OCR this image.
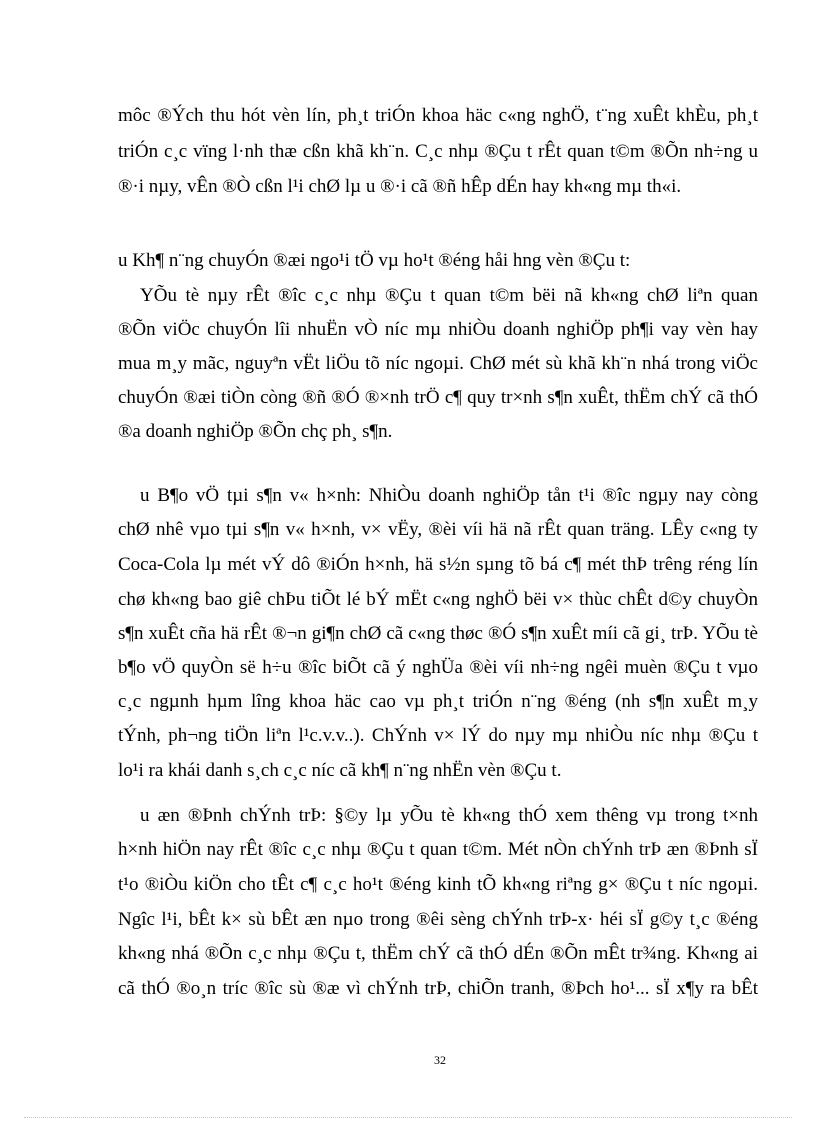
môc ®Ých thu hót vèn lín, ph¸t triÓn khoa häc c«ng nghÖ, t¨ng xuÊt khÈu, ph¸t
triÓn c¸c vïng l·nh thæ cßn khã kh¨n. C¸c nhµ ®Çu t rÊt quan t©m ®Õn nh÷ng u
®·i nµy, vÊn ®Ò cßn l¹i chØ lµ u ®·i cã ®ñ hÊp dÉn hay kh«ng mµ th«i.
u Kh¶ n¨ng chuyÓn ®æi ngo¹i tÖ vµ ho¹t ®éng håi hng vèn ®Çu t:
YÕu tè nµy rÊt ®îc c¸c nhµ ®Çu t quan t©m bëi nã kh«ng chØ liªn quan
®Õn viÖc chuyÓn lîi nhuËn vÒ níc mµ nhiÒu doanh nghiÖp ph¶i vay vèn hay
mua m¸y mãc, nguyªn vËt liÖu tõ níc ngoµi. ChØ mét sù khã kh¨n nhá trong viÖc
chuyÓn ®æi tiÒn còng ®ñ ®Ó ®×nh trÖ c¶ quy tr×nh s¶n xuÊt, thËm chÝ cã thÓ
®a doanh nghiÖp ®Õn chç ph¸ s¶n.
u B¶o vÖ tµi s¶n v« h×nh: NhiÒu doanh nghiÖp tån t¹i ®îc ngµy nay còng
chØ nhê vµo tµi s¶n v« h×nh, v× vËy, ®èi víi hä nã rÊt quan träng. LÊy c«ng ty
Coca-Cola lµ mét vÝ dô ®iÓn h×nh, hä s½n sµng tõ bá c¶ mét thÞ trêng réng lín
chø kh«ng bao giê chÞu tiÕt lé bÝ mËt c«ng nghÖ bëi v× thùc chÊt d©y chuyÒn
s¶n xuÊt cña hä rÊt ®¬n gi¶n chØ cã c«ng thøc ®Ó s¶n xuÊt míi cã gi¸ trÞ. YÕu tè
b¶o vÖ quyÒn së h÷u ®îc biÕt cã ý nghÜa ®èi víi nh÷ng ngêi muèn ®Çu t vµo
c¸c ngµnh hµm lîng khoa häc cao vµ ph¸t triÓn n¨ng ®éng (nh s¶n xuÊt m¸y
tÝnh, ph¬ng tiÖn liªn l¹c.v.v..). ChÝnh v× lÝ do nµy mµ nhiÒu níc nhµ ®Çu t
lo¹i ra khái danh s¸ch c¸c níc cã kh¶ n¨ng nhËn vèn ®Çu t.
u æn ®Þnh chÝnh trÞ: §©y lµ yÕu tè kh«ng thÓ xem thêng vµ trong t×nh
h×nh hiÖn nay rÊt ®îc c¸c nhµ ®Çu t quan t©m. Mét nÒn chÝnh trÞ æn ®Þnh sÏ
t¹o ®iÒu kiÖn cho tÊt c¶ c¸c ho¹t ®éng kinh tÕ kh«ng riªng g× ®Çu t níc ngoµi.
Ngîc l¹i, bÊt k× sù bÊt æn nµo trong ®êi sèng chÝnh trÞ-x· héi sÏ g©y t¸c ®éng
kh«ng nhá ®Õn c¸c nhµ ®Çu t, thËm chÝ cã thÓ dÉn ®Õn mÊt tr¾ng. Kh«ng ai
cã thÓ ®o¸n tríc ®îc sù ®æ vì chÝnh trÞ, chiÕn tranh, ®Þch ho¹... sÏ x¶y ra bÊt
32
